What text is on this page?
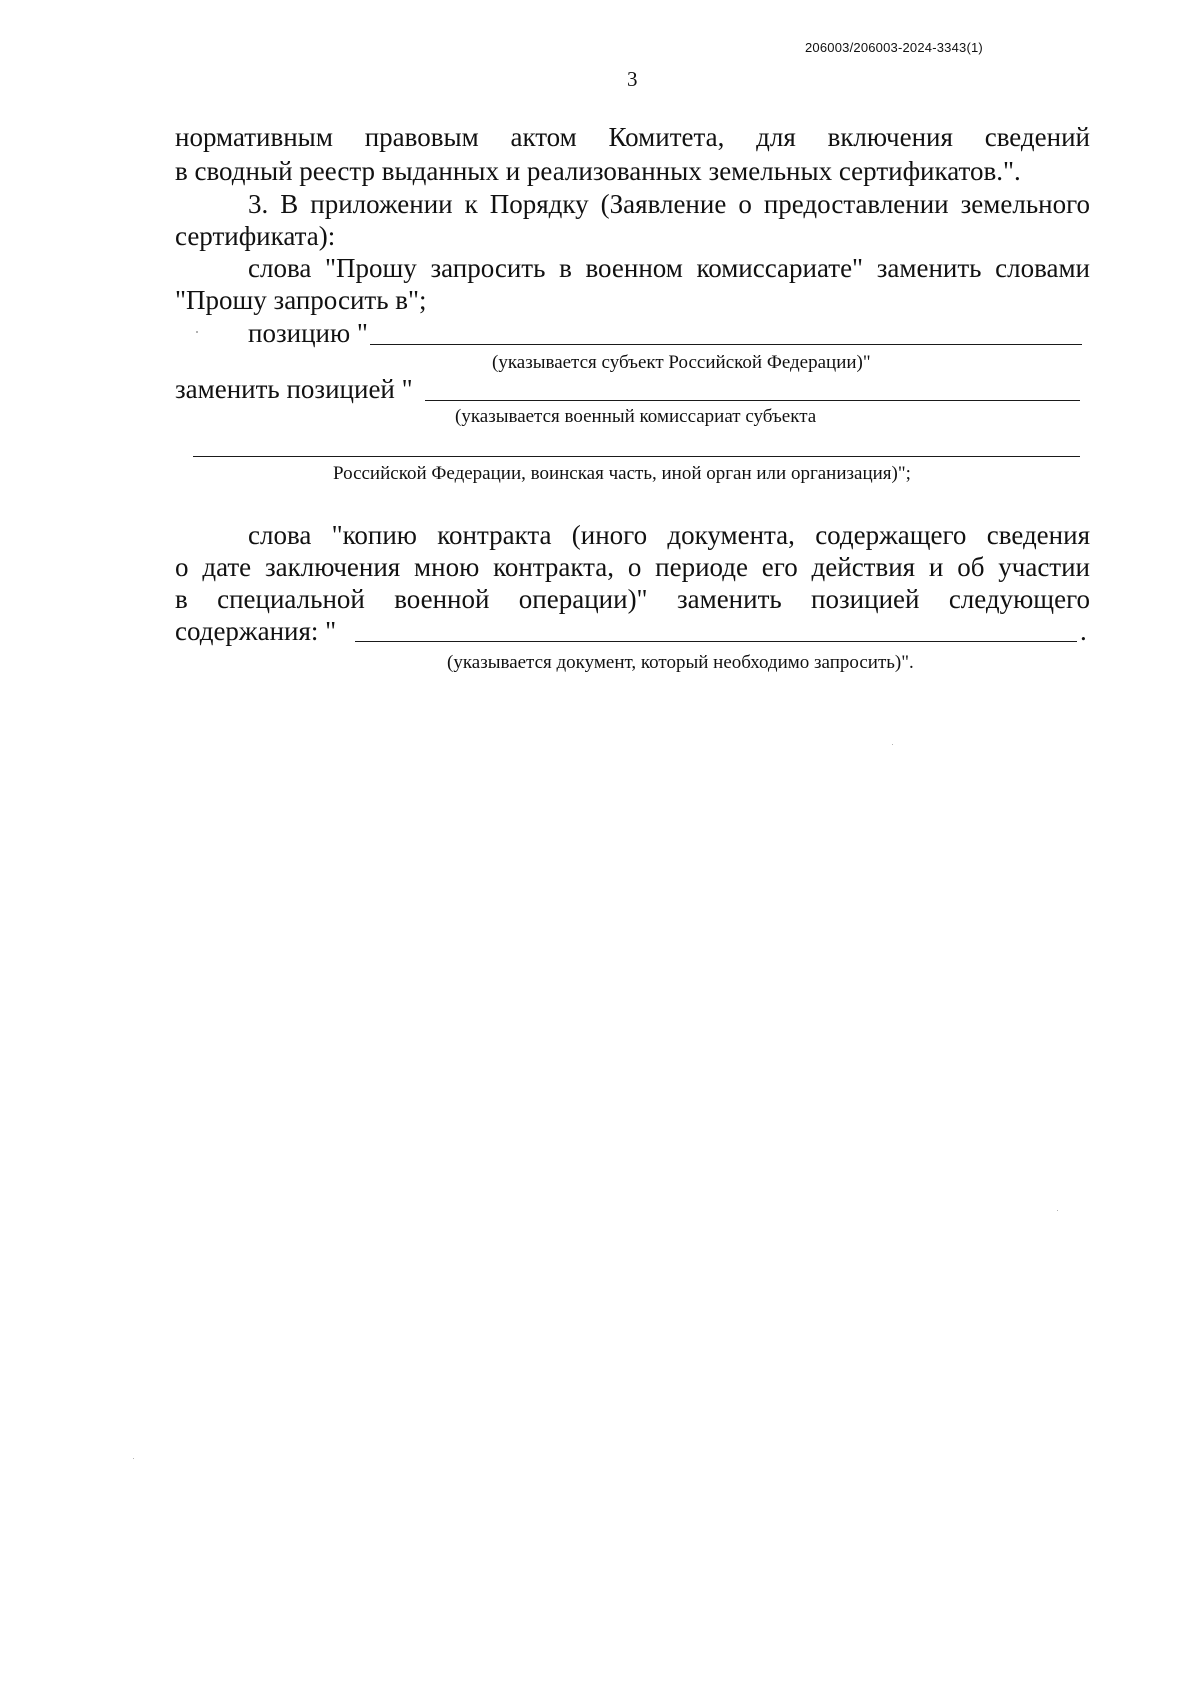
206003/206003-2024-3343(1)
3
нормативным правовым актом Комитета, для включения сведений
в сводный реестр выданных и реализованных земельных сертификатов.".
3. В приложении к Порядку (Заявление о предоставлении земельного
сертификата):
слова "Прошу запросить в военном комиссариате" заменить словами
"Прошу запросить в";
позицию "
(указывается субъект Российской Федерации)"
заменить позицией "
(указывается военный комиссариат субъекта
Российской Федерации, воинская часть, иной орган или организация)";
слова "копию контракта (иного документа, содержащего сведения
о дате заключения мною контракта, о периоде его действия и об участии
в специальной военной операции)" заменить позицией следующего
содержания: "	.
(указывается документ, который необходимо запросить)".
